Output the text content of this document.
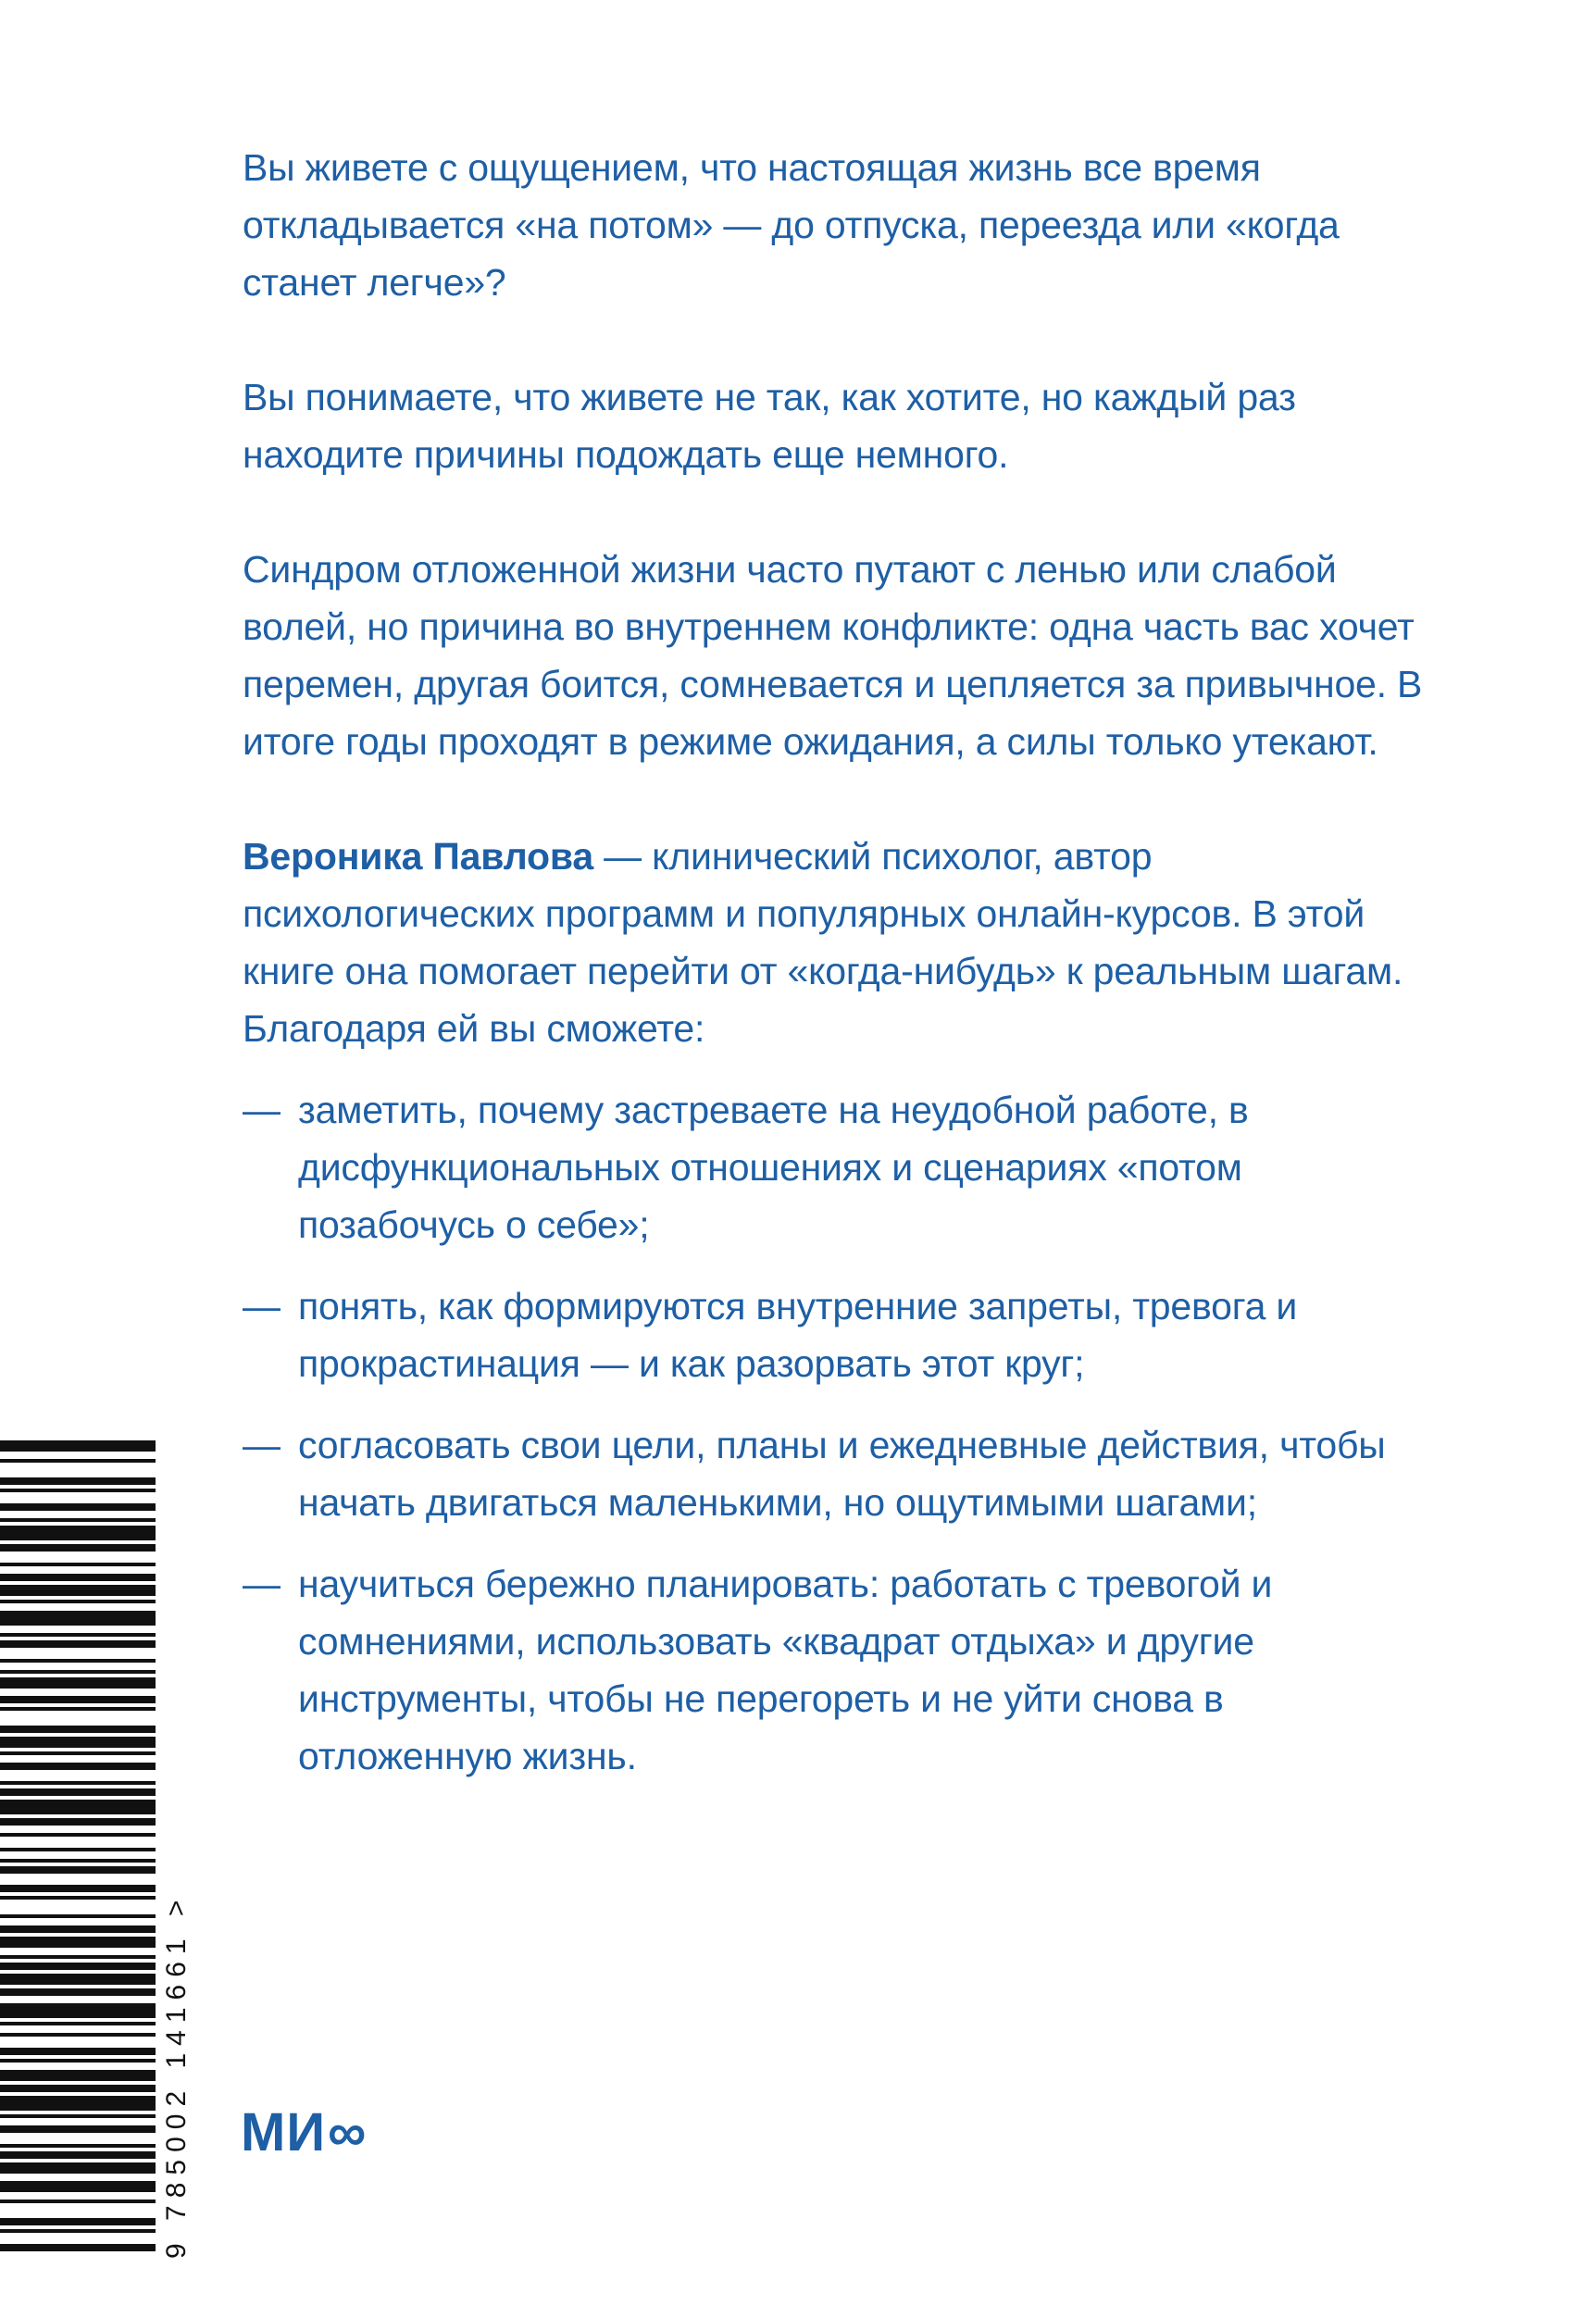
Вы живете с ощущением, что настоящая жизнь все время откладывается «на потом» — до отпуска, переезда или «когда станет легче»?

Вы понимаете, что живете не так, как хотите, но каждый раз находите причины подождать еще немного.

Синдром отложенной жизни часто путают с ленью или слабой волей, но причина во внутреннем конфликте: одна часть вас хочет перемен, другая боится, сомневается и цепляется за привычное. В итоге годы проходят в режиме ожидания, а силы только утекают.

Вероника Павлова — клинический психолог, автор психологических программ и популярных онлайн-курсов. В этой книге она помогает перейти от «когда-нибудь» к реальным шагам. Благодаря ей вы сможете:

— заметить, почему застреваете на неудобной работе, в дисфункциональных отношениях и сценариях «потом позабочусь о себе»;
— понять, как формируются внутренние запреты, тревога и прокрастинация — и как разорвать этот круг;
— согласовать свои цели, планы и ежедневные действия, чтобы начать двигаться маленькими, но ощутимыми шагами;
— научиться бережно планировать: работать с тревогой и сомнениями, использовать «квадрат отдыха» и другие инструменты, чтобы не перегореть и не уйти снова в отложенную жизнь.
9 785002 141661 > МИ ∞
